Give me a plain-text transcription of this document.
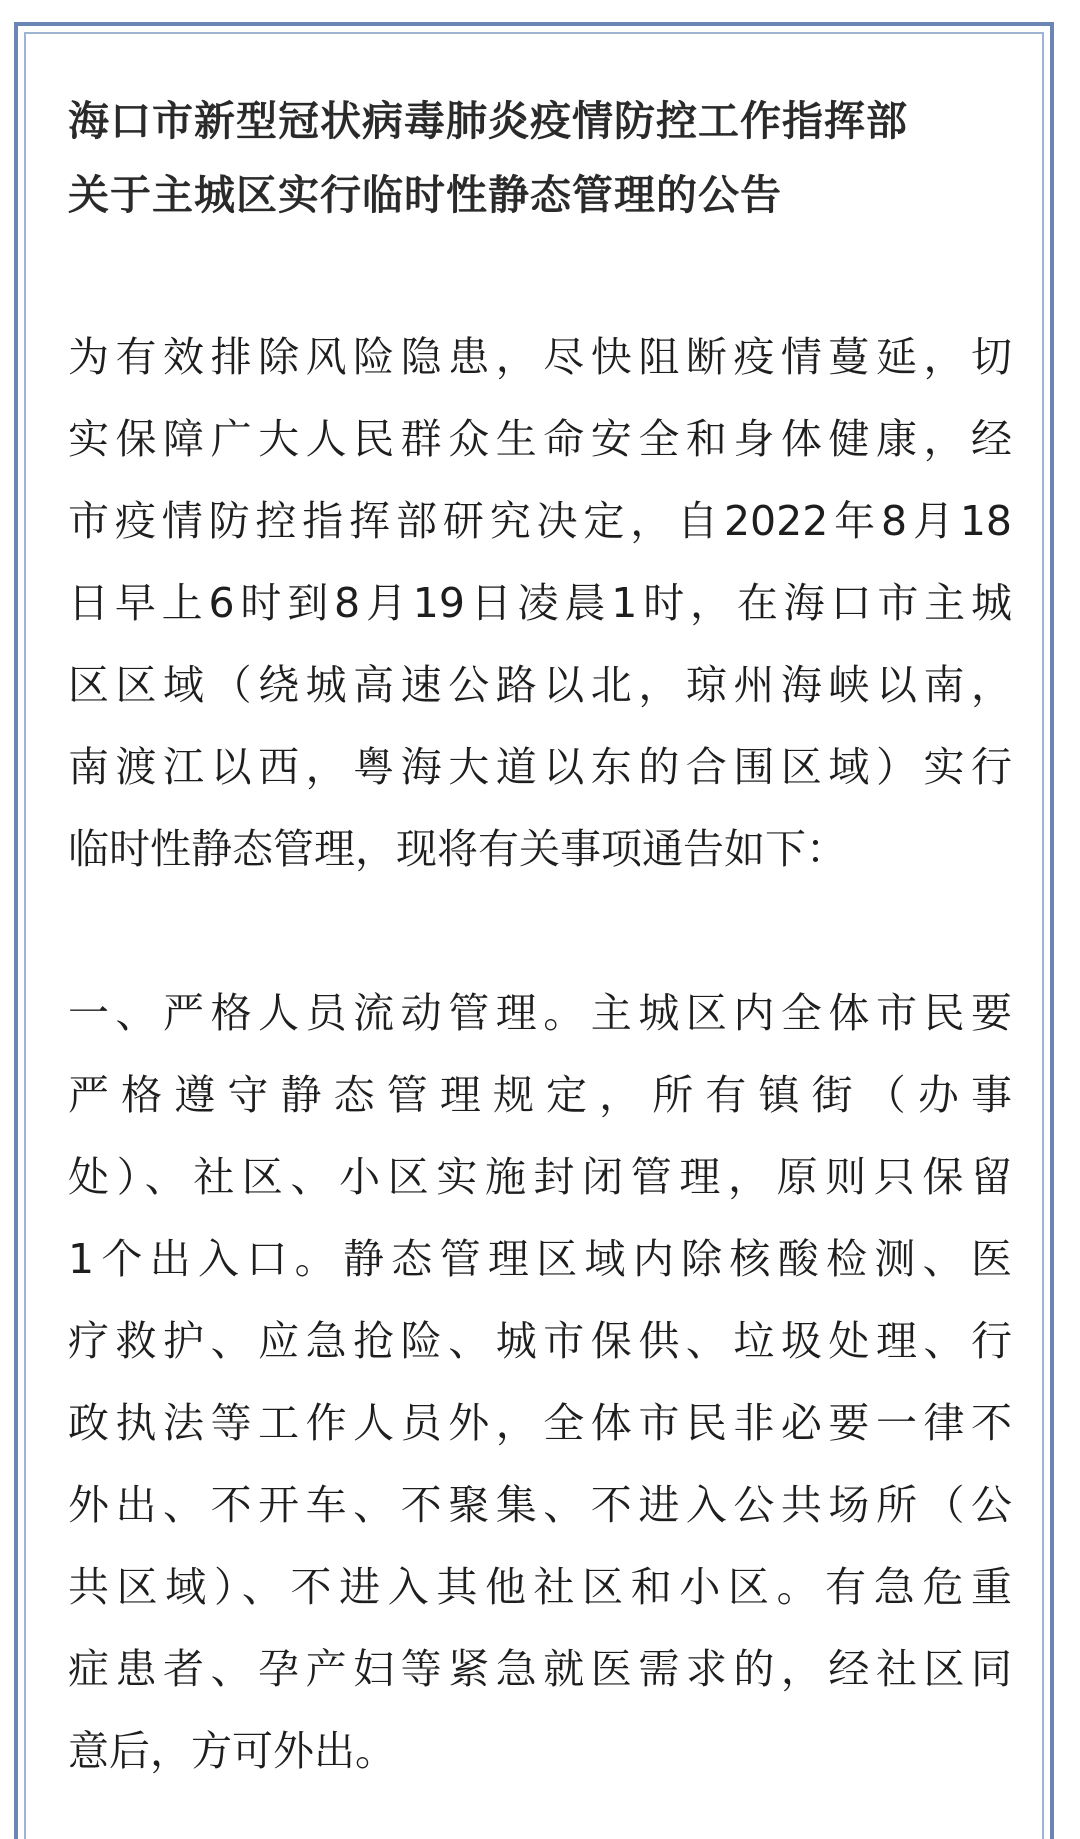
海口市新型冠状病毒肺炎疫情防控工作指挥部
关于主城区实行临时性静态管理的公告

为有效排除风险隐患，尽快阻断疫情蔓延，切
实保障广大人民群众生命安全和身体健康，经
市疫情防控指挥部研究决定，自2022年8月18
日早上6时到8月19日凌晨1时，在海口市主城
区区域（绕城高速公路以北，琼州海峡以南，
南渡江以西，粤海大道以东的合围区域）实行
临时性静态管理，现将有关事项通告如下：

一、严格人员流动管理。主城区内全体市民要
严格遵守静态管理规定，所有镇街（办事
处）、社区、小区实施封闭管理，原则只保留
1个出入口。静态管理区域内除核酸检测、医
疗救护、应急抢险、城市保供、垃圾处理、行
政执法等工作人员外，全体市民非必要一律不
外出、不开车、不聚集、不进入公共场所（公
共区域）、不进入其他社区和小区。有急危重
症患者、孕产妇等紧急就医需求的，经社区同
意后，方可外出。
